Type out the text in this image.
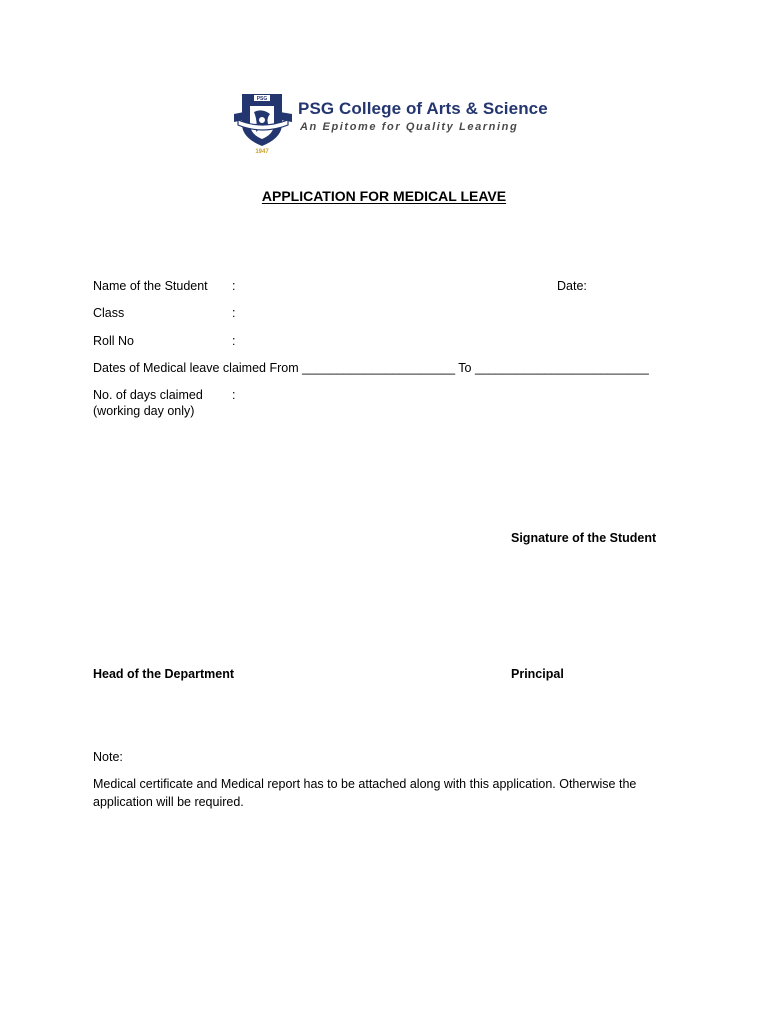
PSG
1947
PSG College of Arts & Science
An Epitome for Quality Learning
APPLICATION FOR MEDICAL LEAVE
Name of the Student :	Date:
Class	:
Roll No	:
Dates of Medical leave claimed From ______________________ To _________________________
No. of days claimed :
(working day only)
Signature of the Student
Head of the Department	Principal
Note:
Medical certificate and Medical report has to be attached along with this application. Otherwise the application will be required.
